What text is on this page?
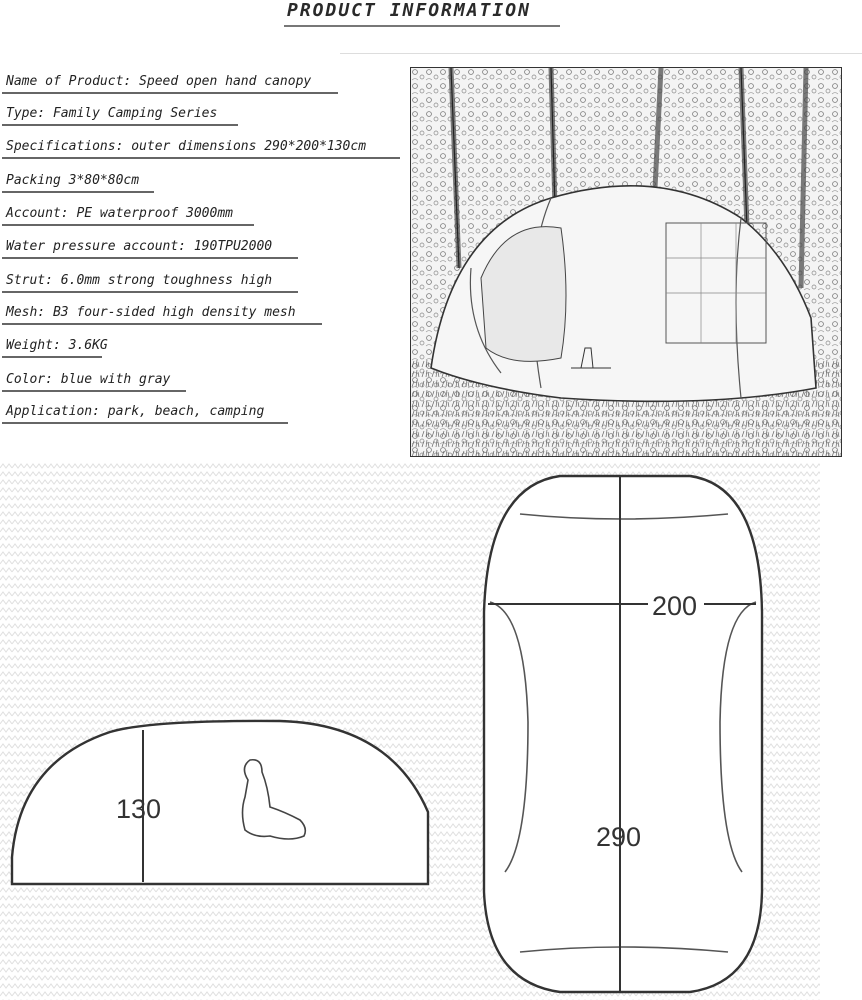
PRODUCT INFORMATION
Name of Product: Speed open hand canopy
Type: Family Camping Series
Specifications: outer dimensions 290*200*130cm
Packing 3*80*80cm
Account: PE waterproof 3000mm
Water pressure account: 190TPU2000
Strut: 6.0mm strong toughness high
Mesh: B3 four-sided high density mesh
Weight: 3.6KG
Color: blue with gray
Application: park, beach, camping
130
200
290
